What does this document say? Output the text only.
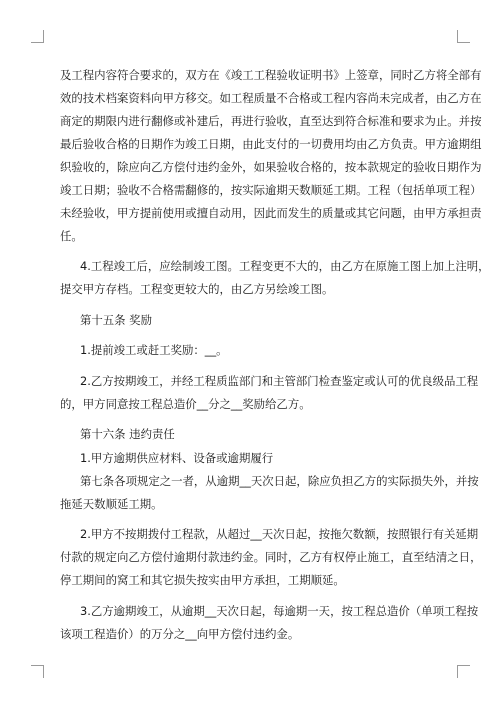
及工程内容符合要求的，双方在《竣工工程验收证明书》上签章，同时乙方将全部有
效的技术档案资料向甲方移交。如工程质量不合格或工程内容尚未完成者，由乙方在
商定的期限内进行翻修或补建后，再进行验收，直至达到符合标准和要求为止。并按
最后验收合格的日期作为竣工日期，由此支付的一切费用均由乙方负责。甲方逾期组
织验收的，除应向乙方偿付违约金外，如果验收合格的，按本款规定的验收日期作为
竣工日期；验收不合格需翻修的，按实际逾期天数顺延工期。工程（包括单项工程）
未经验收，甲方提前使用或擅自动用，因此而发生的质量或其它问题，由甲方承担责
任。
4.工程竣工后，应绘制竣工图。工程变更不大的，由乙方在原施工图上加上注明，
提交甲方存档。工程变更较大的，由乙方另绘竣工图。
第十五条 奖励
1.提前竣工或赶工奖励：__。
2.乙方按期竣工，并经工程质监部门和主管部门检查鉴定或认可的优良级品工程
的，甲方同意按工程总造价__分之__奖励给乙方。
第十六条 违约责任
1.甲方逾期供应材料、设备或逾期履行
第七条各项规定之一者，从逾期__天次日起，除应负担乙方的实际损失外，并按
拖延天数顺延工期。
2.甲方不按期拨付工程款，从超过__天次日起，按拖欠数额，按照银行有关延期
付款的规定向乙方偿付逾期付款违约金。同时，乙方有权停止施工，直至结清之日，
停工期间的窝工和其它损失按实由甲方承担，工期顺延。
3.乙方逾期竣工，从逾期__天次日起，每逾期一天，按工程总造价（单项工程按
该项工程造价）的万分之__向甲方偿付违约金。
